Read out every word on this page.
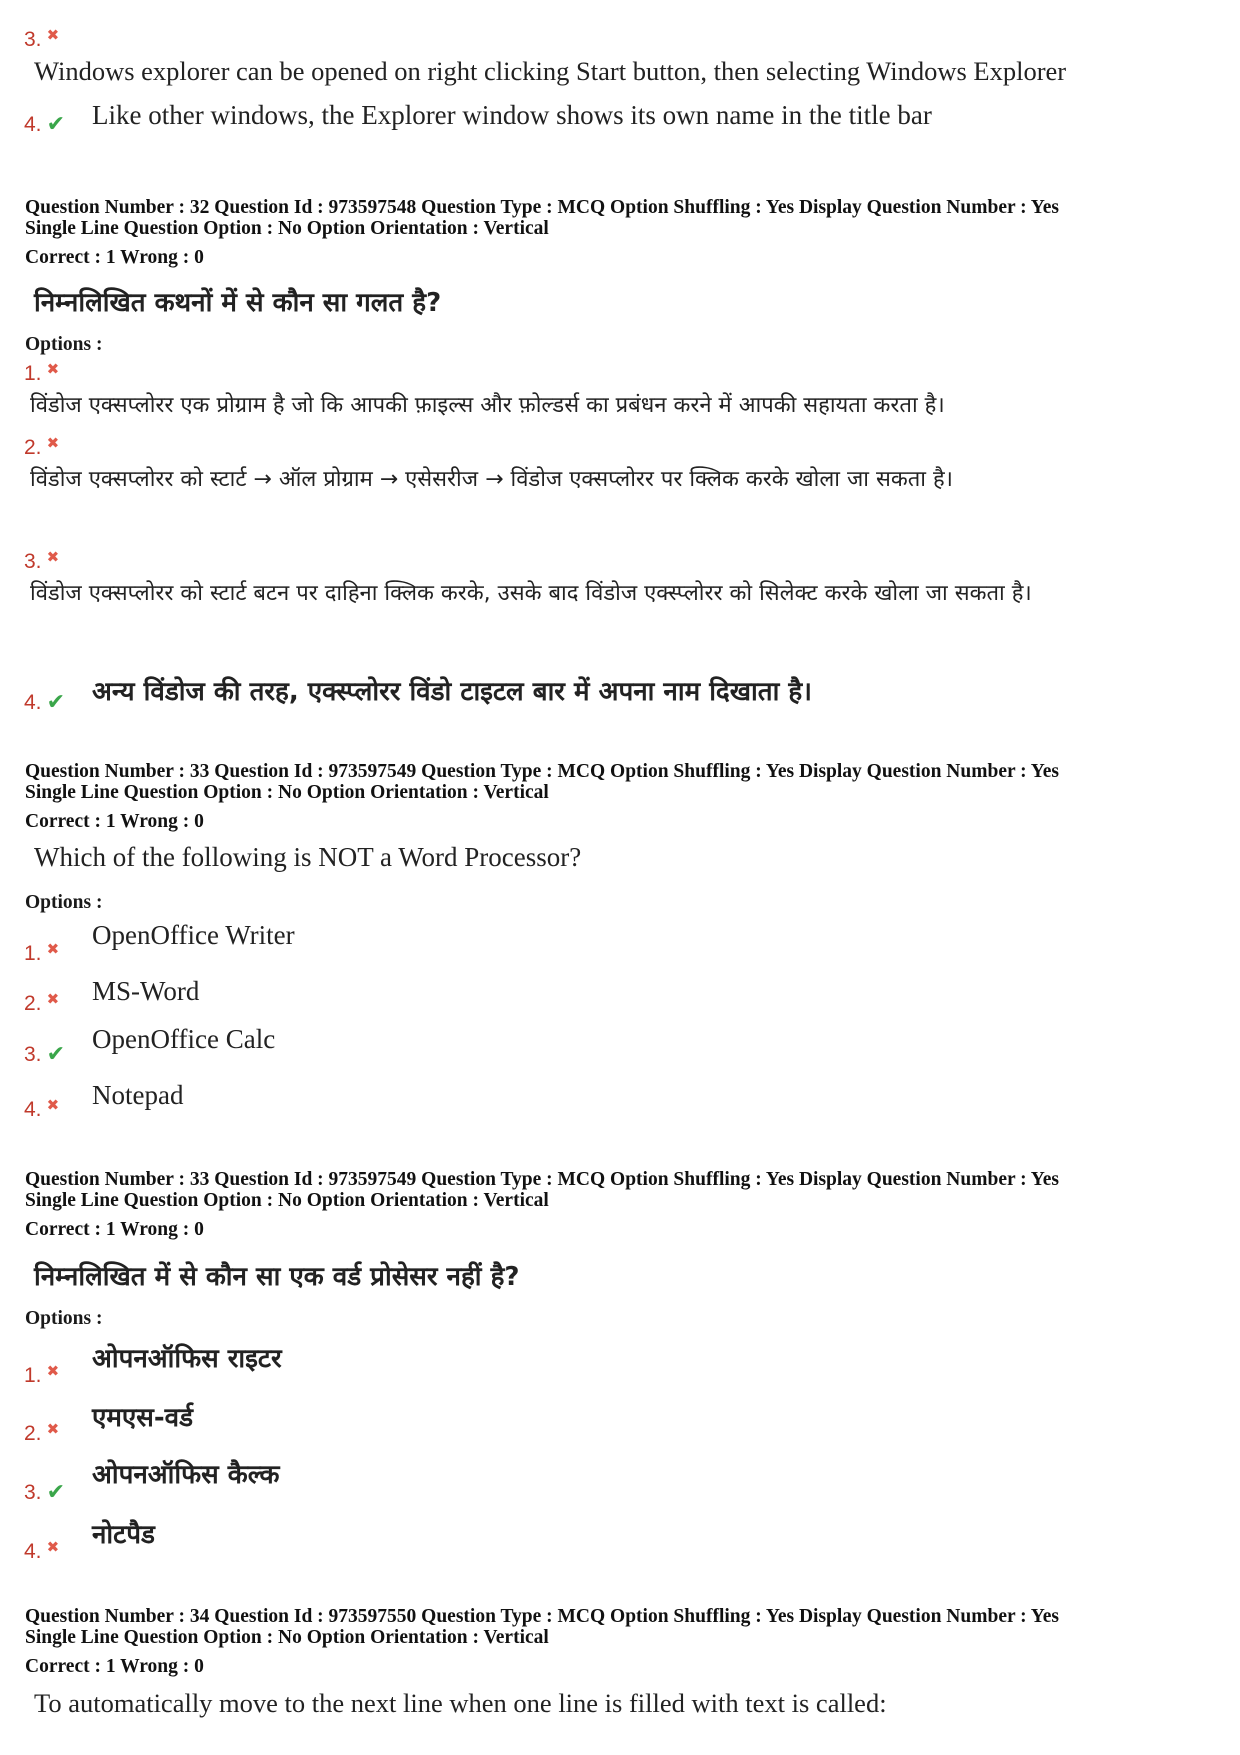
3. ✖
Windows explorer can be opened on right clicking Start button, then selecting Windows Explorer
4. ✔ Like other windows, the Explorer window shows its own name in the title bar
Question Number : 32 Question Id : 973597548 Question Type : MCQ Option Shuffling : Yes Display Question Number : Yes
Single Line Question Option : No Option Orientation : Vertical
Correct : 1 Wrong : 0
निम्नलिखित कथनों में से कौन सा गलत है?
Options :
1. ✖
विंडोज एक्सप्लोरर एक प्रोग्राम है जो कि आपकी फ़ाइल्स और फ़ोल्डर्स का प्रबंधन करने में आपकी सहायता करता है।
2. ✖
विंडोज एक्सप्लोरर को स्टार्ट → ऑल प्रोग्राम → एसेसरीज → विंडोज एक्सप्लोरर पर क्लिक करके खोला जा सकता है।
3. ✖
विंडोज एक्सप्लोरर को स्टार्ट बटन पर दाहिना क्लिक करके, उसके बाद विंडोज एक्स्प्लोरर को सिलेक्ट करके खोला जा सकता है।
4. ✔ अन्य विंडोज की तरह, एक्स्प्लोरर विंडो टाइटल बार में अपना नाम दिखाता है।
Question Number : 33 Question Id : 973597549 Question Type : MCQ Option Shuffling : Yes Display Question Number : Yes
Single Line Question Option : No Option Orientation : Vertical
Correct : 1 Wrong : 0
Which of the following is NOT a Word Processor?
Options :
1. ✖ OpenOffice Writer
2. ✖ MS-Word
3. ✔
OpenOffice Calc
4. ✖ Notepad
Question Number : 33 Question Id : 973597549 Question Type : MCQ Option Shuffling : Yes Display Question Number : Yes
Single Line Question Option : No Option Orientation : Vertical
Correct : 1 Wrong : 0
निम्नलिखित में से कौन सा एक वर्ड प्रोसेसर नहीं है?
Options :
1. ✖ ओपनऑफिस राइटर
2. ✖ एमएस-वर्ड
3. ✔
ओपनऑफिस कैल्क
4. ✖ नोटपैड
Question Number : 34 Question Id : 973597550 Question Type : MCQ Option Shuffling : Yes Display Question Number : Yes
Single Line Question Option : No Option Orientation : Vertical
Correct : 1 Wrong : 0
To automatically move to the next line when one line is filled with text is called:
